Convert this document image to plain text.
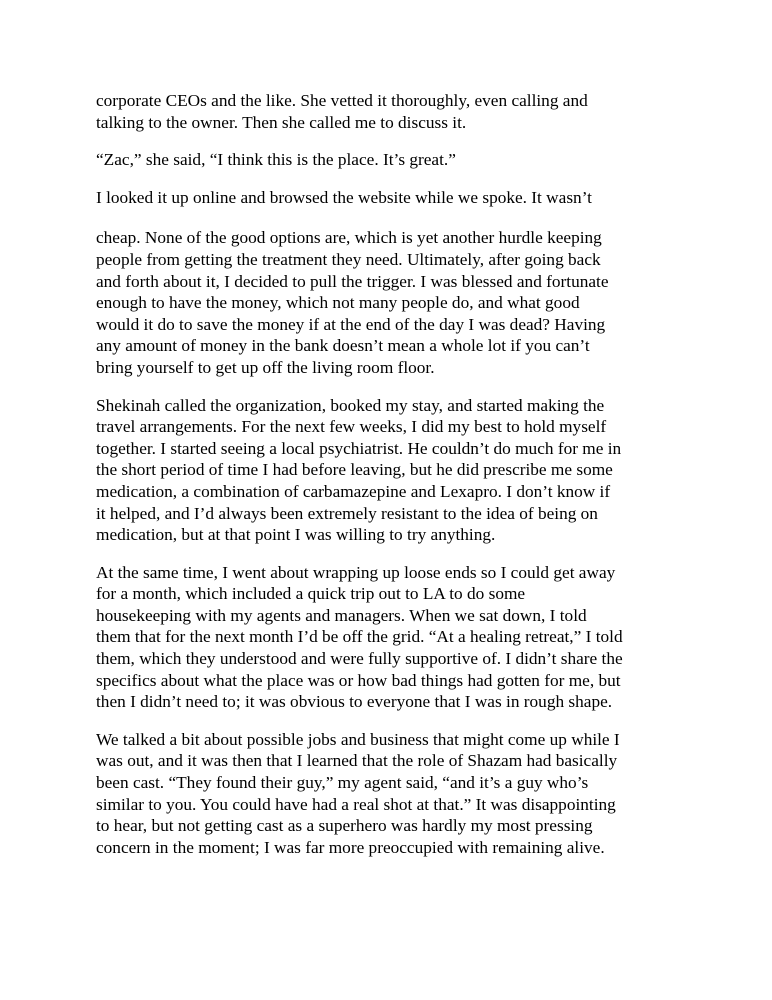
corporate CEOs and the like. She vetted it thoroughly, even calling and
talking to the owner. Then she called me to discuss it.

“Zac,” she said, “I think this is the place. It’s great.”

I looked it up online and browsed the website while we spoke. It wasn’t

cheap. None of the good options are, which is yet another hurdle keeping
people from getting the treatment they need. Ultimately, after going back
and forth about it, I decided to pull the trigger. I was blessed and fortunate
enough to have the money, which not many people do, and what good
would it do to save the money if at the end of the day I was dead? Having
any amount of money in the bank doesn’t mean a whole lot if you can’t
bring yourself to get up off the living room floor.

Shekinah called the organization, booked my stay, and started making the
travel arrangements. For the next few weeks, I did my best to hold myself
together. I started seeing a local psychiatrist. He couldn’t do much for me in
the short period of time I had before leaving, but he did prescribe me some
medication, a combination of carbamazepine and Lexapro. I don’t know if
it helped, and I’d always been extremely resistant to the idea of being on
medication, but at that point I was willing to try anything.

At the same time, I went about wrapping up loose ends so I could get away
for a month, which included a quick trip out to LA to do some
housekeeping with my agents and managers. When we sat down, I told
them that for the next month I’d be off the grid. “At a healing retreat,” I told
them, which they understood and were fully supportive of. I didn’t share the
specifics about what the place was or how bad things had gotten for me, but
then I didn’t need to; it was obvious to everyone that I was in rough shape.

We talked a bit about possible jobs and business that might come up while I
was out, and it was then that I learned that the role of Shazam had basically
been cast. “They found their guy,” my agent said, “and it’s a guy who’s
similar to you. You could have had a real shot at that.” It was disappointing
to hear, but not getting cast as a superhero was hardly my most pressing
concern in the moment; I was far more preoccupied with remaining alive.
